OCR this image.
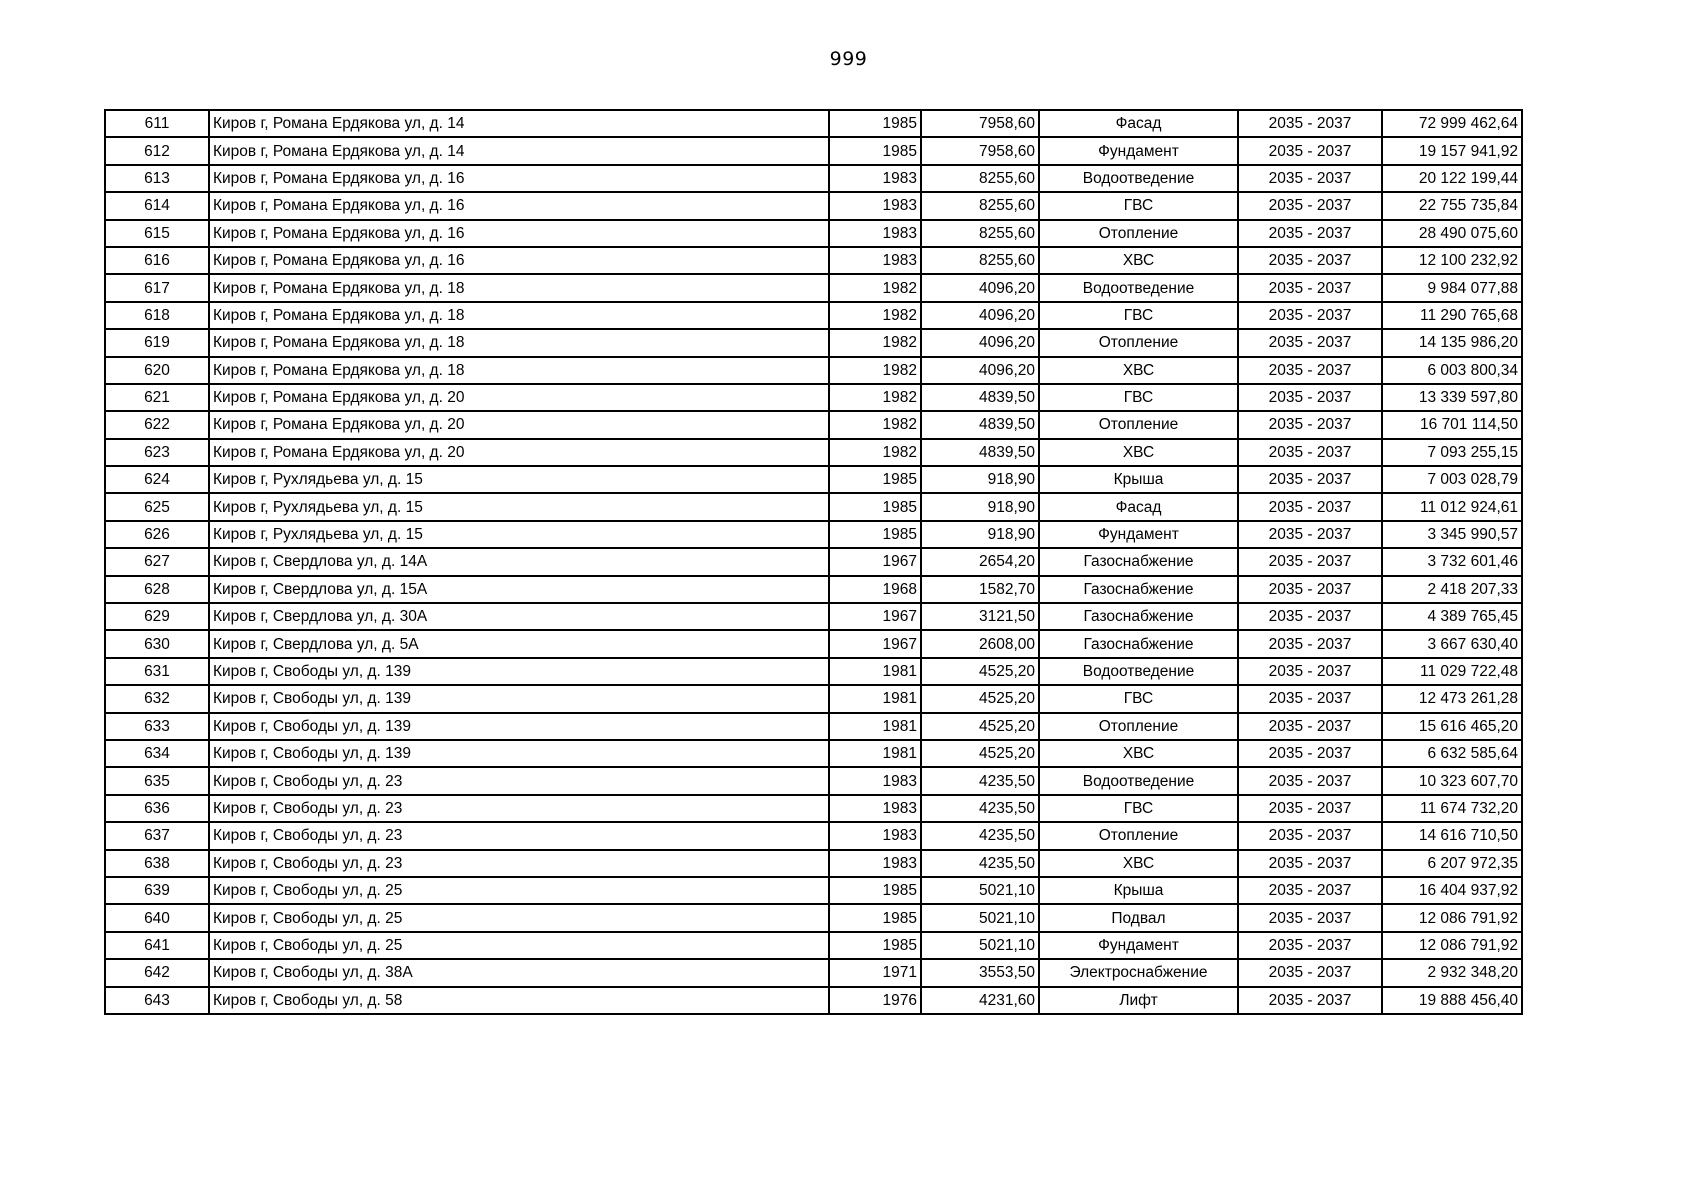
999
611	Киров г, Романа Ердякова ул, д. 14	1985	7958,60	Фасад	2035 - 2037	72 999 462,64
612	Киров г, Романа Ердякова ул, д. 14	1985	7958,60	Фундамент	2035 - 2037	19 157 941,92
613	Киров г, Романа Ердякова ул, д. 16	1983	8255,60	Водоотведение	2035 - 2037	20 122 199,44
614	Киров г, Романа Ердякова ул, д. 16	1983	8255,60	ГВС	2035 - 2037	22 755 735,84
615	Киров г, Романа Ердякова ул, д. 16	1983	8255,60	Отопление	2035 - 2037	28 490 075,60
616	Киров г, Романа Ердякова ул, д. 16	1983	8255,60	ХВС	2035 - 2037	12 100 232,92
617	Киров г, Романа Ердякова ул, д. 18	1982	4096,20	Водоотведение	2035 - 2037	9 984 077,88
618	Киров г, Романа Ердякова ул, д. 18	1982	4096,20	ГВС	2035 - 2037	11 290 765,68
619	Киров г, Романа Ердякова ул, д. 18	1982	4096,20	Отопление	2035 - 2037	14 135 986,20
620	Киров г, Романа Ердякова ул, д. 18	1982	4096,20	ХВС	2035 - 2037	6 003 800,34
621	Киров г, Романа Ердякова ул, д. 20	1982	4839,50	ГВС	2035 - 2037	13 339 597,80
622	Киров г, Романа Ердякова ул, д. 20	1982	4839,50	Отопление	2035 - 2037	16 701 114,50
623	Киров г, Романа Ердякова ул, д. 20	1982	4839,50	ХВС	2035 - 2037	7 093 255,15
624	Киров г, Рухлядьева ул, д. 15	1985	918,90	Крыша	2035 - 2037	7 003 028,79
625	Киров г, Рухлядьева ул, д. 15	1985	918,90	Фасад	2035 - 2037	11 012 924,61
626	Киров г, Рухлядьева ул, д. 15	1985	918,90	Фундамент	2035 - 2037	3 345 990,57
627	Киров г, Свердлова ул, д. 14А	1967	2654,20	Газоснабжение	2035 - 2037	3 732 601,46
628	Киров г, Свердлова ул, д. 15А	1968	1582,70	Газоснабжение	2035 - 2037	2 418 207,33
629	Киров г, Свердлова ул, д. 30А	1967	3121,50	Газоснабжение	2035 - 2037	4 389 765,45
630	Киров г, Свердлова ул, д. 5А	1967	2608,00	Газоснабжение	2035 - 2037	3 667 630,40
631	Киров г, Свободы ул, д. 139	1981	4525,20	Водоотведение	2035 - 2037	11 029 722,48
632	Киров г, Свободы ул, д. 139	1981	4525,20	ГВС	2035 - 2037	12 473 261,28
633	Киров г, Свободы ул, д. 139	1981	4525,20	Отопление	2035 - 2037	15 616 465,20
634	Киров г, Свободы ул, д. 139	1981	4525,20	ХВС	2035 - 2037	6 632 585,64
635	Киров г, Свободы ул, д. 23	1983	4235,50	Водоотведение	2035 - 2037	10 323 607,70
636	Киров г, Свободы ул, д. 23	1983	4235,50	ГВС	2035 - 2037	11 674 732,20
637	Киров г, Свободы ул, д. 23	1983	4235,50	Отопление	2035 - 2037	14 616 710,50
638	Киров г, Свободы ул, д. 23	1983	4235,50	ХВС	2035 - 2037	6 207 972,35
639	Киров г, Свободы ул, д. 25	1985	5021,10	Крыша	2035 - 2037	16 404 937,92
640	Киров г, Свободы ул, д. 25	1985	5021,10	Подвал	2035 - 2037	12 086 791,92
641	Киров г, Свободы ул, д. 25	1985	5021,10	Фундамент	2035 - 2037	12 086 791,92
642	Киров г, Свободы ул, д. 38А	1971	3553,50	Электроснабжение	2035 - 2037	2 932 348,20
643	Киров г, Свободы ул, д. 58	1976	4231,60	Лифт	2035 - 2037	19 888 456,40
